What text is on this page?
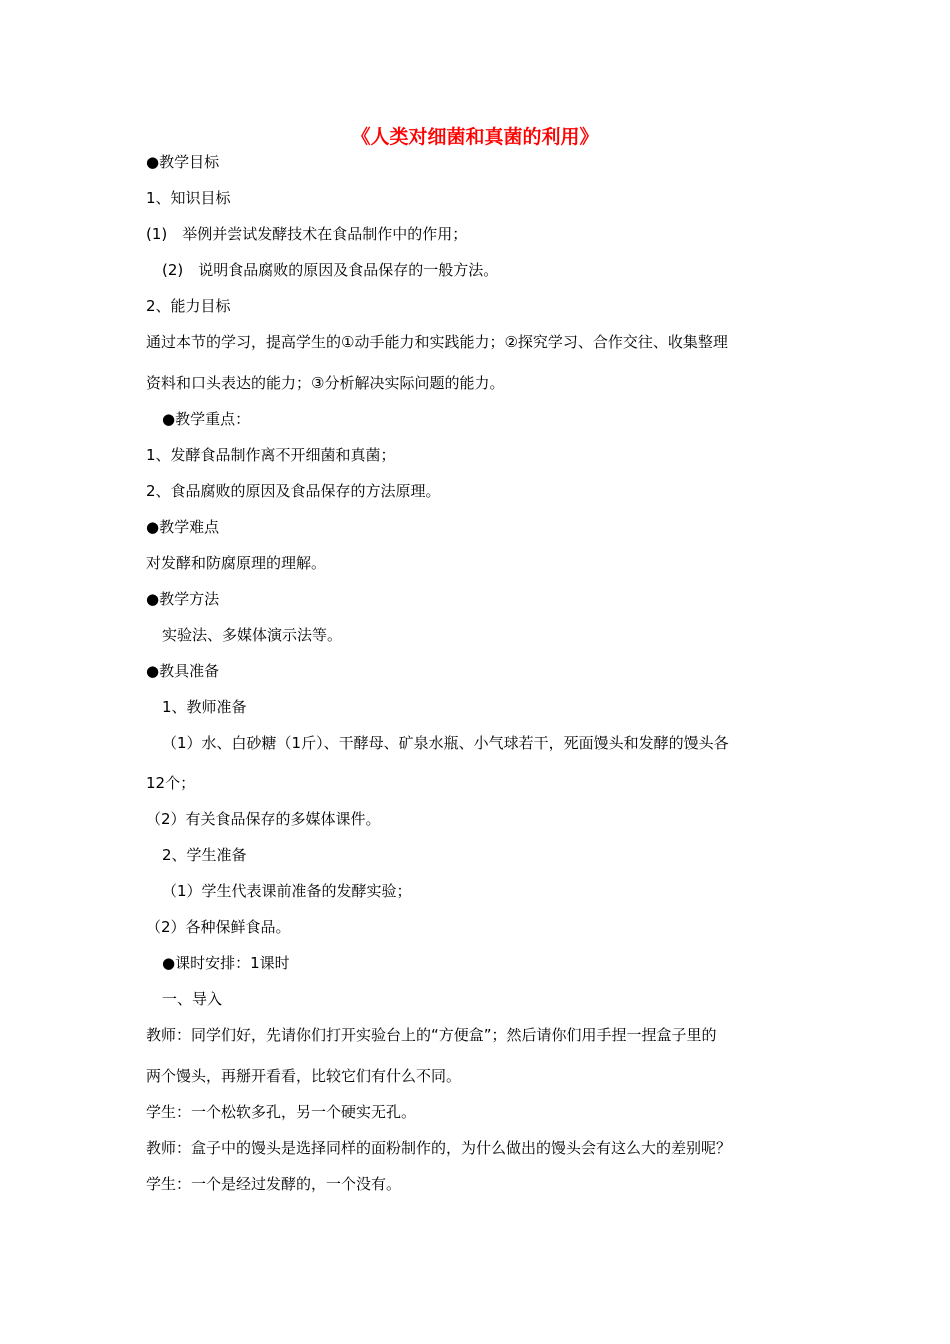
《人类对细菌和真菌的利用》
●教学目标
1、知识目标
(1)　举例并尝试发酵技术在食品制作中的作用；
(2)　说明食品腐败的原因及食品保存的一般方法。
2、能力目标
通过本节的学习，提高学生的①动手能力和实践能力；②探究学习、合作交往、收集整理
资料和口头表达的能力；③分析解决实际问题的能力。
●教学重点：
1、发酵食品制作离不开细菌和真菌；
2、食品腐败的原因及食品保存的方法原理。
●教学难点
对发酵和防腐原理的理解。
●教学方法
实验法、多媒体演示法等。
●教具准备
1、教师准备
（1）水、白砂糖（1斤）、干酵母、矿泉水瓶、小气球若干，死面馒头和发酵的馒头各
12个；
（2）有关食品保存的多媒体课件。
2、学生准备
（1）学生代表课前准备的发酵实验；
（2）各种保鲜食品。
●课时安排：1课时
一、导入
教师：同学们好，先请你们打开实验台上的“方便盒”；然后请你们用手捏一捏盒子里的
两个馒头，再掰开看看，比较它们有什么不同。
学生：一个松软多孔，另一个硬实无孔。
教师：盒子中的馒头是选择同样的面粉制作的，为什么做出的馒头会有这么大的差别呢？
学生：一个是经过发酵的，一个没有。
